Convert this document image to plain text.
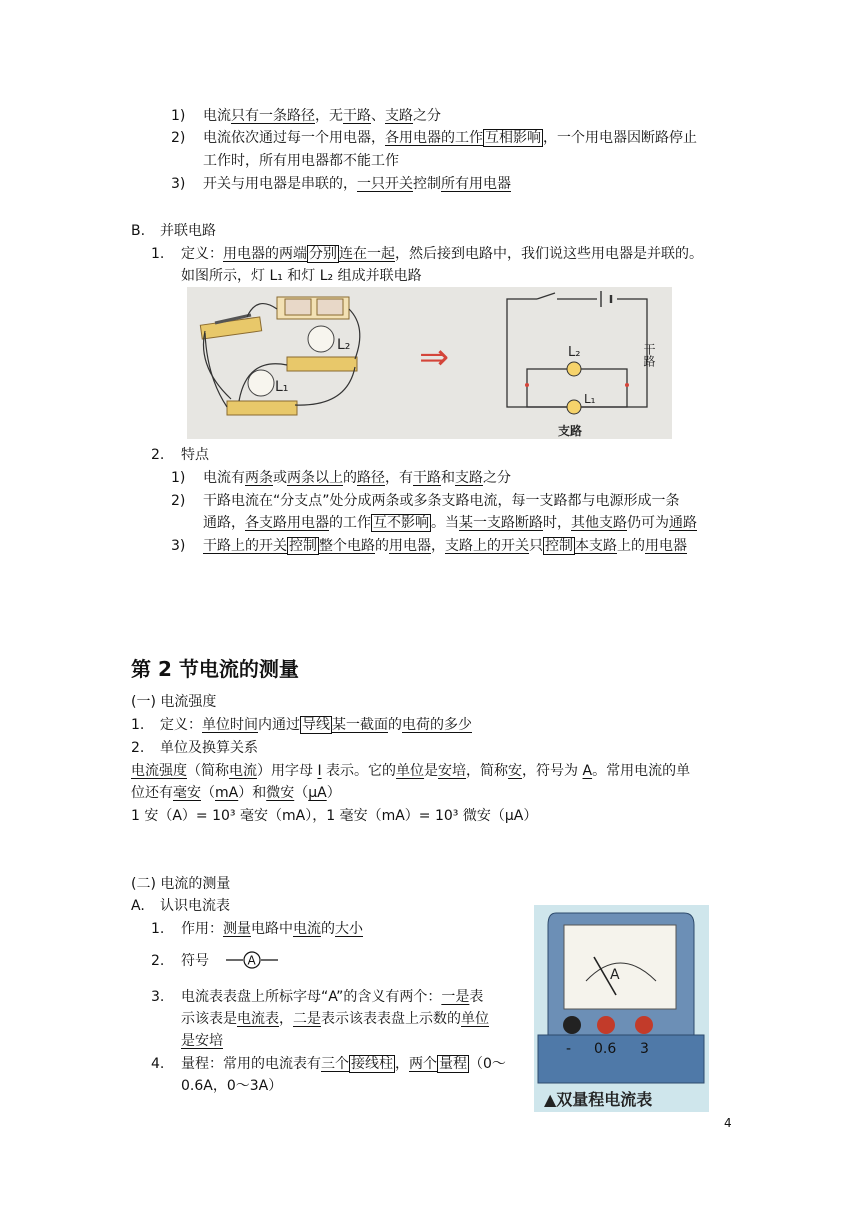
1) 电流只有一条路径，无干路、支路之分
2) 电流依次通过每一个用电器，各用电器的工作 互相影响 ，一个用电器因断路停止
工作时，所有用电器都不能工作
3) 开关与用电器是串联的，一只开关控制所有用电器
B. 并联电路
1. 定义：用电器的两端 分别 连在一起，然后接到电路中，我们说这些用电器是并联的。
如图所示，灯 L₁ 和灯 L₂ 组成并联电路
⇒	L₂
L₁
干路
支路
L₂
L₁
2. 特点
1) 电流有两条或两条以上的路径，有干路和支路之分
2) 干路电流在“分支点”处分成两条或多条支路电流，每一支路都与电源形成一条
通路，各支路用电器的工作 互不影响 。当某一支路断路时，其他支路仍可为通路
3) 干路上的开关 控制 整个电路的用电器，支路上的开关只 控制 本支路上的用电器
第 2 节电流的测量
(一) 电流强度
1. 定义：单位时间内通过 导线 某一截面的电荷的多少
2. 单位及换算关系
电流强度（简称电流）用字母 I 表示。它的单位是安培，简称安，符号为 A。常用电流的单
位还有毫安（mA）和微安（μA）
1 安（A）= 10³ 毫安（mA），1 毫安（mA）= 10³ 微安（μA）
(二) 电流的测量
A. 认识电流表
1. 作用：测量电路中电流的大小
2. 符号
3. 电流表表盘上所标字母“A”的含义有两个：一是表
示该表是电流表，二是表示该表表盘上示数的单位
是安培
4. 量程：常用的电流表有三个 接线柱 ，两个 量程 （0～
0.6A，0～3A）
A
A
- 0.6 3
▲双量程电流表
4
